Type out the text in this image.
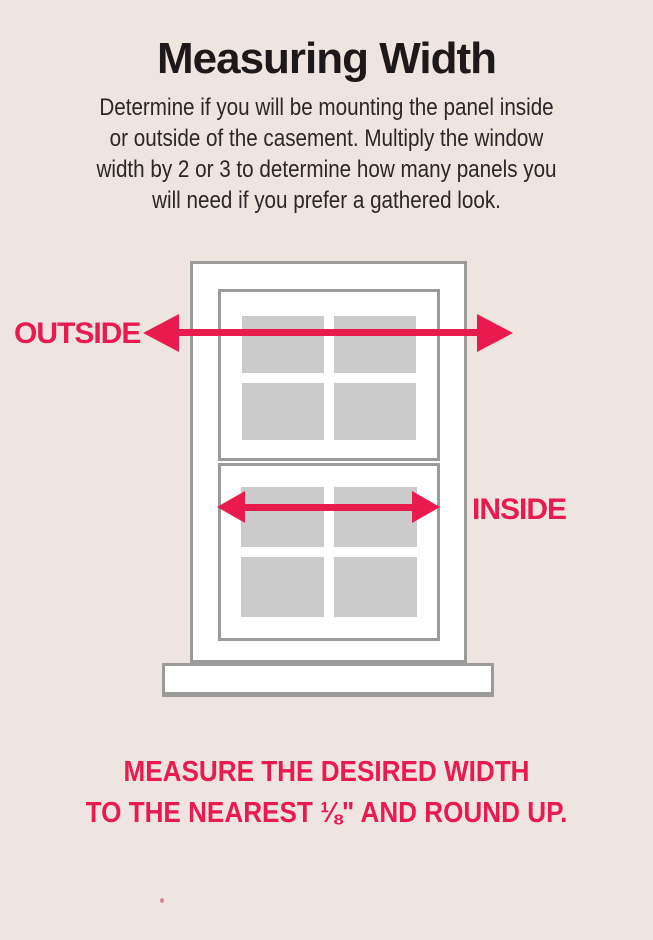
Measuring Width
Determine if you will be mounting the panel inside
or outside of the casement. Multiply the window
width by 2 or 3 to determine how many panels you
will need if you prefer a gathered look.
OUTSIDE
INSIDE
MEASURE THE DESIRED WIDTH
TO THE NEAREST ⅛" AND ROUND UP.
